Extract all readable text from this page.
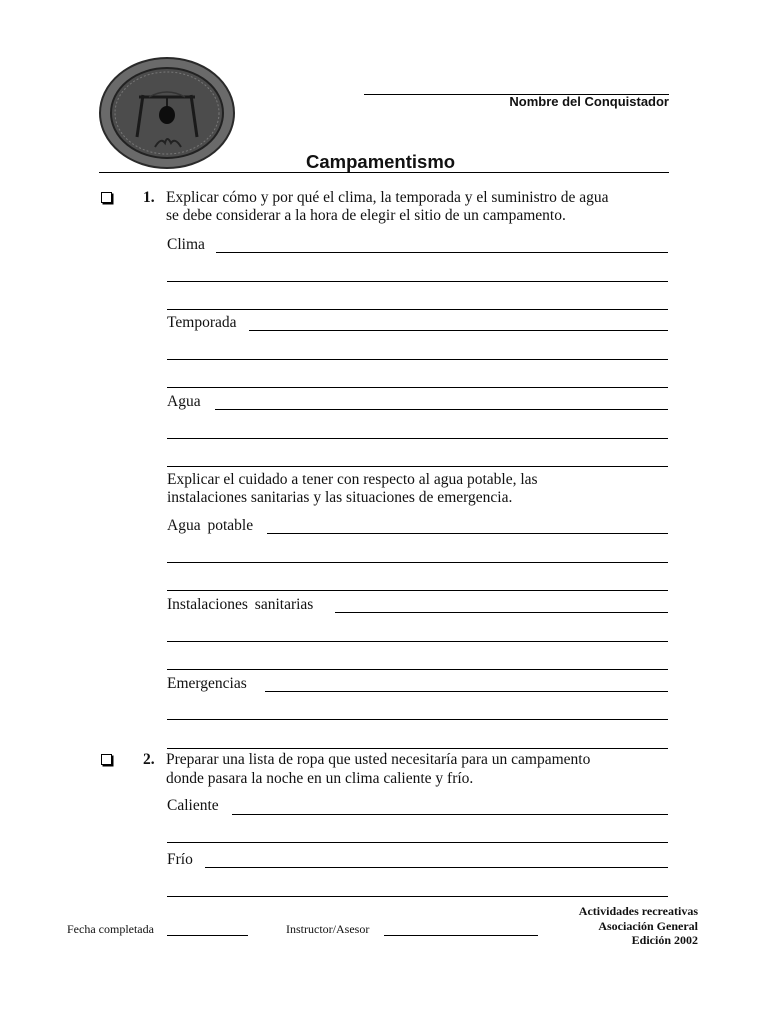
Nombre del Conquistador
Campamentismo
1. Explicar cómo y por qué el clima, la temporada y el suministro de agua
se debe considerar a la hora de elegir el sitio de un campamento.
Clima
Temporada
Agua
Explicar el cuidado a tener con respecto al agua potable, las
instalaciones sanitarias y las situaciones de emergencia.
Agua potable
Instalaciones sanitarias
Emergencias
2. Preparar una lista de ropa que usted necesitaría para un campamento
donde pasara la noche en un clima caliente y frío.
Caliente
Frío
Fecha completada	Instructor/Asesor
Actividades recreativas
Asociación General
Edición 2002
